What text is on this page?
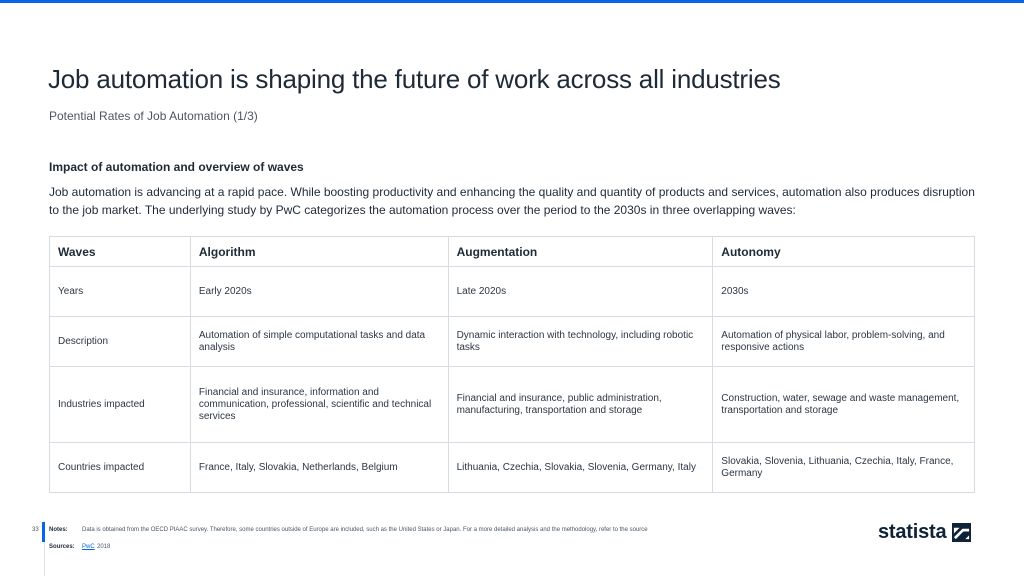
Job automation is shaping the future of work across all industries
Potential Rates of Job Automation (1/3)
Impact of automation and overview of waves

Job automation is advancing at a rapid pace. While boosting productivity and enhancing the quality and quantity of products and services, automation also produces disruption to the job market. The underlying study by PwC categorizes the automation process over the period to the 2030s in three overlapping waves:

Waves	Algorithm	Augmentation	Autonomy
Years	Early 2020s	Late 2020s	2030s
Description	Automation of simple computational tasks and data analysis	Dynamic interaction with technology, including robotic tasks	Automation of physical labor, problem-solving, and responsive actions
Industries impacted	Financial and insurance, information and communication, professional, scientific and technical services	Financial and insurance, public administration, manufacturing, transportation and storage	Construction, water, sewage and waste management, transportation and storage
Countries impacted	France, Italy, Slovakia, Netherlands, Belgium	Lithuania, Czechia, Slovakia, Slovenia, Germany, Italy	Slovakia, Slovenia, Lithuania, Czechia, Italy, France, Germany
33 Notes: Data is obtained from the OECD PIAAC survey. Therefore, some countries outside of Europe are included, such as the United States or Japan. For a more detailed analysis and the methodology, refer to the source
Sources: PwC 2018
statista
